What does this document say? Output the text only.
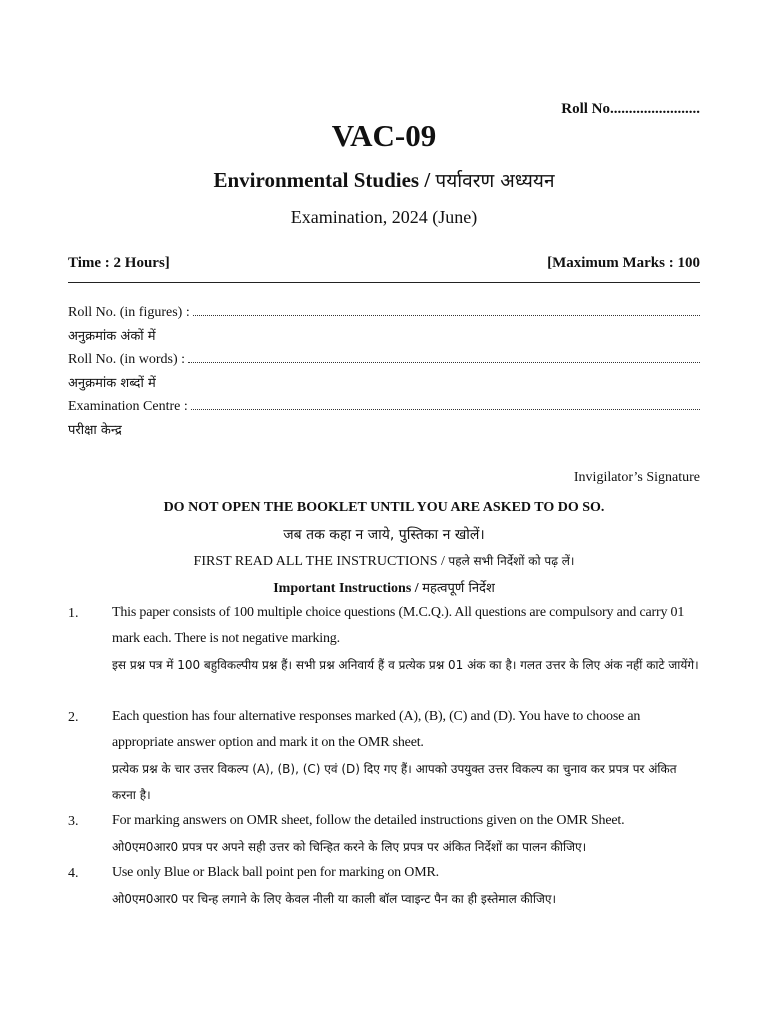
Roll No........................
VAC-09
Environmental Studies / पर्यावरण अध्ययन
Examination, 2024 (June)
Time : 2 Hours]	[Maximum Marks : 100
Roll No. (in figures) :
अनुक्रमांक अंकों में
Roll No. (in words) :
अनुक्रमांक शब्दों में
Examination Centre :
परीक्षा केन्द्र
Invigilator’s Signature
DO NOT OPEN THE BOOKLET UNTIL YOU ARE ASKED TO DO SO.
जब तक कहा न जाये, पुस्तिका न खोलें।
FIRST READ ALL THE INSTRUCTIONS / पहले सभी निर्देशों को पढ़ लें।
Important Instructions / महत्वपूर्ण निर्देश
1. This paper consists of 100 multiple choice questions (M.C.Q.). All questions are compulsory and carry 01 mark each. There is not negative marking.
इस प्रश्न पत्र में 100 बहुविकल्पीय प्रश्न हैं। सभी प्रश्न अनिवार्य हैं व प्रत्येक प्रश्न 01 अंक का है। गलत उत्तर के लिए अंक नहीं काटे जायेंगे।
2. Each question has four alternative responses marked (A), (B), (C) and (D). You have to choose an appropriate answer option and mark it on the OMR sheet.
प्रत्येक प्रश्न के चार उत्तर विकल्प (A), (B), (C) एवं (D) दिए गए हैं। आपको उपयुक्त उत्तर विकल्प का चुनाव कर प्रपत्र पर अंकित करना है।
3. For marking answers on OMR sheet, follow the detailed instructions given on the OMR Sheet.
ओ0एम0आर0 प्रपत्र पर अपने सही उत्तर को चिन्हित करने के लिए प्रपत्र पर अंकित निर्देशों का पालन कीजिए।
4. Use only Blue or Black ball point pen for marking on OMR.
ओ0एम0आर0 पर चिन्ह लगाने के लिए केवल नीली या काली बॉल प्वाइन्ट पैन का ही इस्तेमाल कीजिए।
